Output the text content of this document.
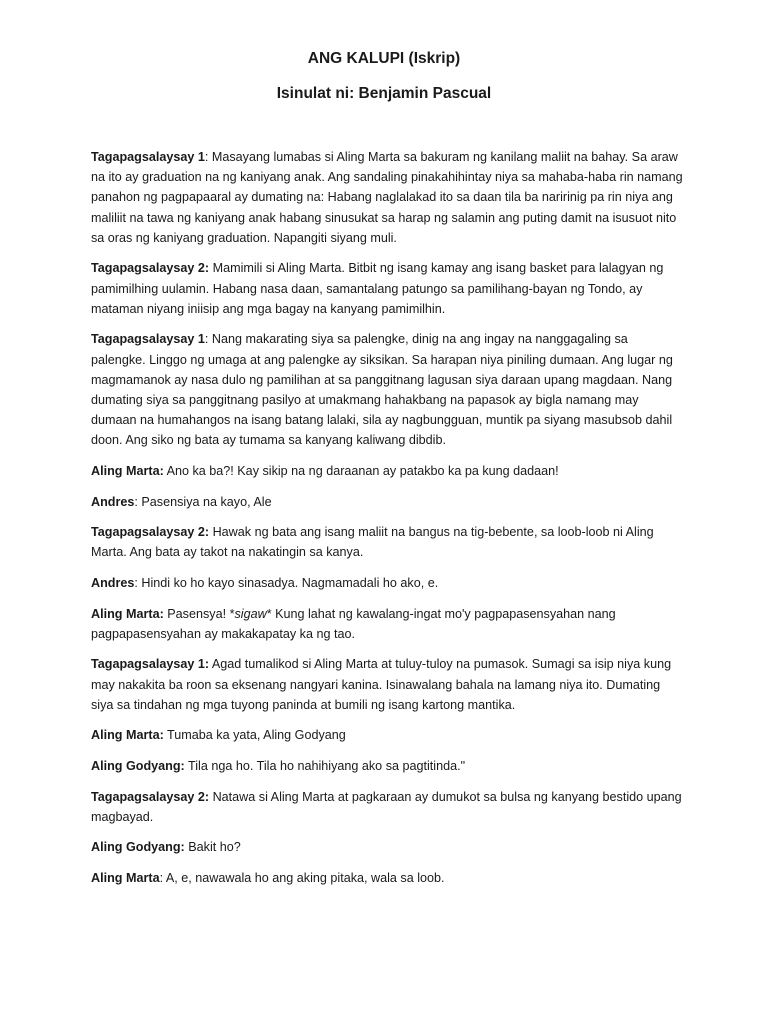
ANG KALUPI (Iskrip)
Isinulat ni: Benjamin Pascual

Tagapagsalaysay 1: Masayang lumabas si Aling Marta sa bakuram ng kanilang maliit na bahay. Sa araw na ito ay graduation na ng kaniyang anak. Ang sandaling pinakahihintay niya sa mahaba-haba rin namang panahon ng pagpapaaral ay dumating na: Habang naglalakad ito sa daan tila ba naririnig pa rin niya ang maliliit na tawa ng kaniyang anak habang sinusukat sa harap ng salamin ang puting damit na isusuot nito sa oras ng kaniyang graduation. Napangiti siyang muli.

Tagapagsalaysay 2: Mamimili si Aling Marta. Bitbit ng isang kamay ang isang basket para lalagyan ng pamimilhing uulamin. Habang nasa daan, samantalang patungo sa pamilihang-bayan ng Tondo, ay mataman niyang iniisip ang mga bagay na kanyang pamimilhin.

Tagapagsalaysay 1: Nang makarating siya sa palengke, dinig na ang ingay na nanggagaling sa palengke. Linggo ng umaga at ang palengke ay siksikan. Sa harapan niya piniling dumaan. Ang lugar ng magmamanok ay nasa dulo ng pamilihan at sa panggitnang lagusan siya daraan upang magdaan. Nang dumating siya sa panggitnang pasilyo at umakmang hahakbang na papasok ay bigla namang may dumaan na humahangos na isang batang lalaki, sila ay nagbungguan, muntik pa siyang masubsob dahil doon. Ang siko ng bata ay tumama sa kanyang kaliwang dibdib.

Aling Marta: Ano ka ba?! Kay sikip na ng daraanan ay patakbo ka pa kung dadaan!

Andres: Pasensiya na kayo, Ale

Tagapagsalaysay 2: Hawak ng bata ang isang maliit na bangus na tig-bebente, sa loob-loob ni Aling Marta. Ang bata ay takot na nakatingin sa kanya.

Andres: Hindi ko ho kayo sinasadya. Nagmamadali ho ako, e.

Aling Marta: Pasensya! *sigaw* Kung lahat ng kawalang-ingat mo'y pagpapasensyahan nang pagpapasensyahan ay makakapatay ka ng tao.

Tagapagsalaysay 1: Agad tumalikod si Aling Marta at tuluy-tuloy na pumasok. Sumagi sa isip niya kung may nakakita ba roon sa eksenang nangyari kanina. Isinawalang bahala na lamang niya ito. Dumating siya sa tindahan ng mga tuyong paninda at bumili ng isang kartong mantika.

Aling Marta: Tumaba ka yata, Aling Godyang

Aling Godyang: Tila nga ho. Tila ho nahihiyang ako sa pagtitinda."

Tagapagsalaysay 2: Natawa si Aling Marta at pagkaraan ay dumukot sa bulsa ng kanyang bestido upang magbayad.

Aling Godyang: Bakit ho?

Aling Marta: A, e, nawawala ho ang aking pitaka, wala sa loob.
